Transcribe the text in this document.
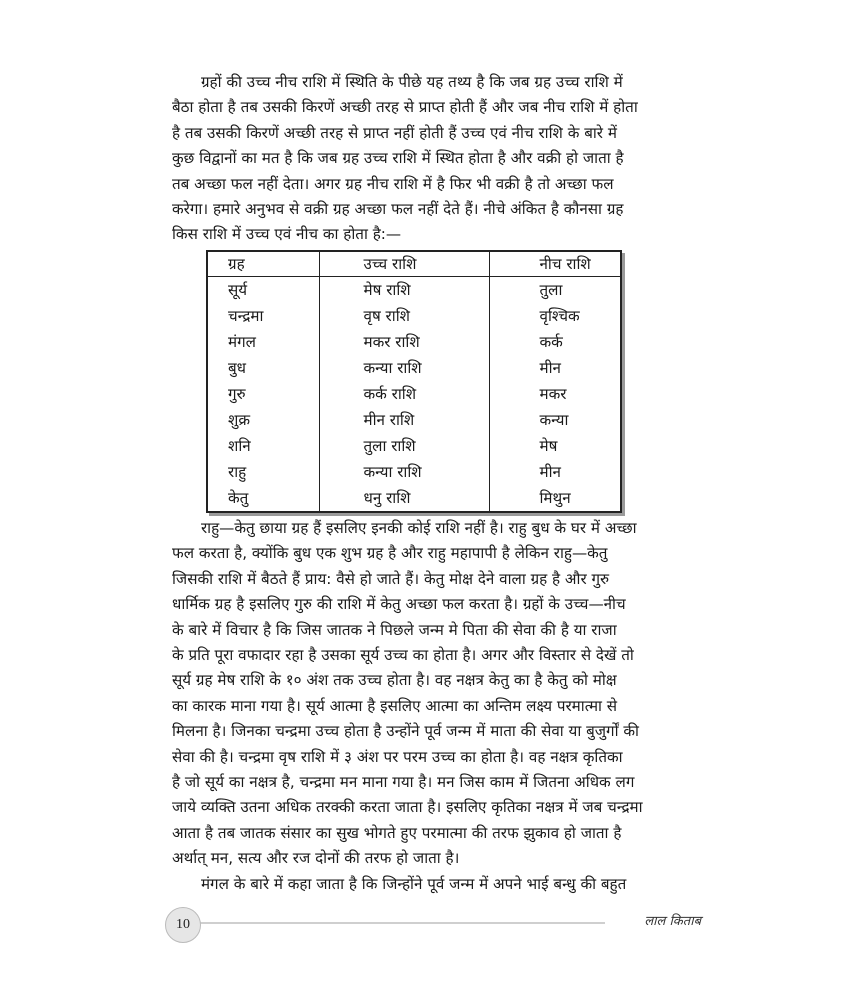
ग्रहों की उच्च नीच राशि में स्थिति के पीछे यह तथ्य है कि जब ग्रह उच्च राशि में
बैठा होता है तब उसकी किरणें अच्छी तरह से प्राप्त होती हैं और जब नीच राशि में होता
है तब उसकी किरणें अच्छी तरह से प्राप्त नहीं होती हैं उच्च एवं नीच राशि के बारे में
कुछ विद्वानों का मत है कि जब ग्रह उच्च राशि में स्थित होता है और वक्री हो जाता है
तब अच्छा फल नहीं देता। अगर ग्रह नीच राशि में है फिर भी वक्री है तो अच्छा फल
करेगा। हमारे अनुभव से वक्री ग्रह अच्छा फल नहीं देते हैं। नीचे अंकित है कौनसा ग्रह
किस राशि में उच्च एवं नीच का होता है:—

ग्रह	उच्च राशि	नीच राशि
सूर्य	मेष राशि	तुला
चन्द्रमा	वृष राशि	वृश्चिक
मंगल	मकर राशि	कर्क
बुध	कन्या राशि	मीन
गुरु	कर्क राशि	मकर
शुक्र	मीन राशि	कन्या
शनि	तुला राशि	मेष
राहु	कन्या राशि	मीन
केतु	धनु राशि	मिथुन

राहु—केतु छाया ग्रह हैं इसलिए इनकी कोई राशि नहीं है। राहु बुध के घर में अच्छा
फल करता है, क्योंकि बुध एक शुभ ग्रह है और राहु महापापी है लेकिन राहु—केतु
जिसकी राशि में बैठते हैं प्राय: वैसे हो जाते हैं। केतु मोक्ष देने वाला ग्रह है और गुरु
धार्मिक ग्रह है इसलिए गुरु की राशि में केतु अच्छा फल करता है। ग्रहों के उच्च—नीच
के बारे में विचार है कि जिस जातक ने पिछले जन्म मे पिता की सेवा की है या राजा
के प्रति पूरा वफादार रहा है उसका सूर्य उच्च का होता है। अगर और विस्तार से देखें तो
सूर्य ग्रह मेष राशि के १० अंश तक उच्च होता है। वह नक्षत्र केतु का है केतु को मोक्ष
का कारक माना गया है। सूर्य आत्मा है इसलिए आत्मा का अन्तिम लक्ष्य परमात्मा से
मिलना है। जिनका चन्द्रमा उच्च होता है उन्होंने पूर्व जन्म में माता की सेवा या बुजुर्गों की
सेवा की है। चन्द्रमा वृष राशि में ३ अंश पर परम उच्च का होता है। वह नक्षत्र कृतिका
है जो सूर्य का नक्षत्र है, चन्द्रमा मन माना गया है। मन जिस काम में जितना अधिक लग
जाये व्यक्ति उतना अधिक तरक्की करता जाता है। इसलिए कृतिका नक्षत्र में जब चन्द्रमा
आता है तब जातक संसार का सुख भोगते हुए परमात्मा की तरफ झुकाव हो जाता है
अर्थात् मन, सत्य और रज दोनों की तरफ हो जाता है।

मंगल के बारे में कहा जाता है कि जिन्होंने पूर्व जन्म में अपने भाई बन्धु की बहुत

10	लाल किताब
